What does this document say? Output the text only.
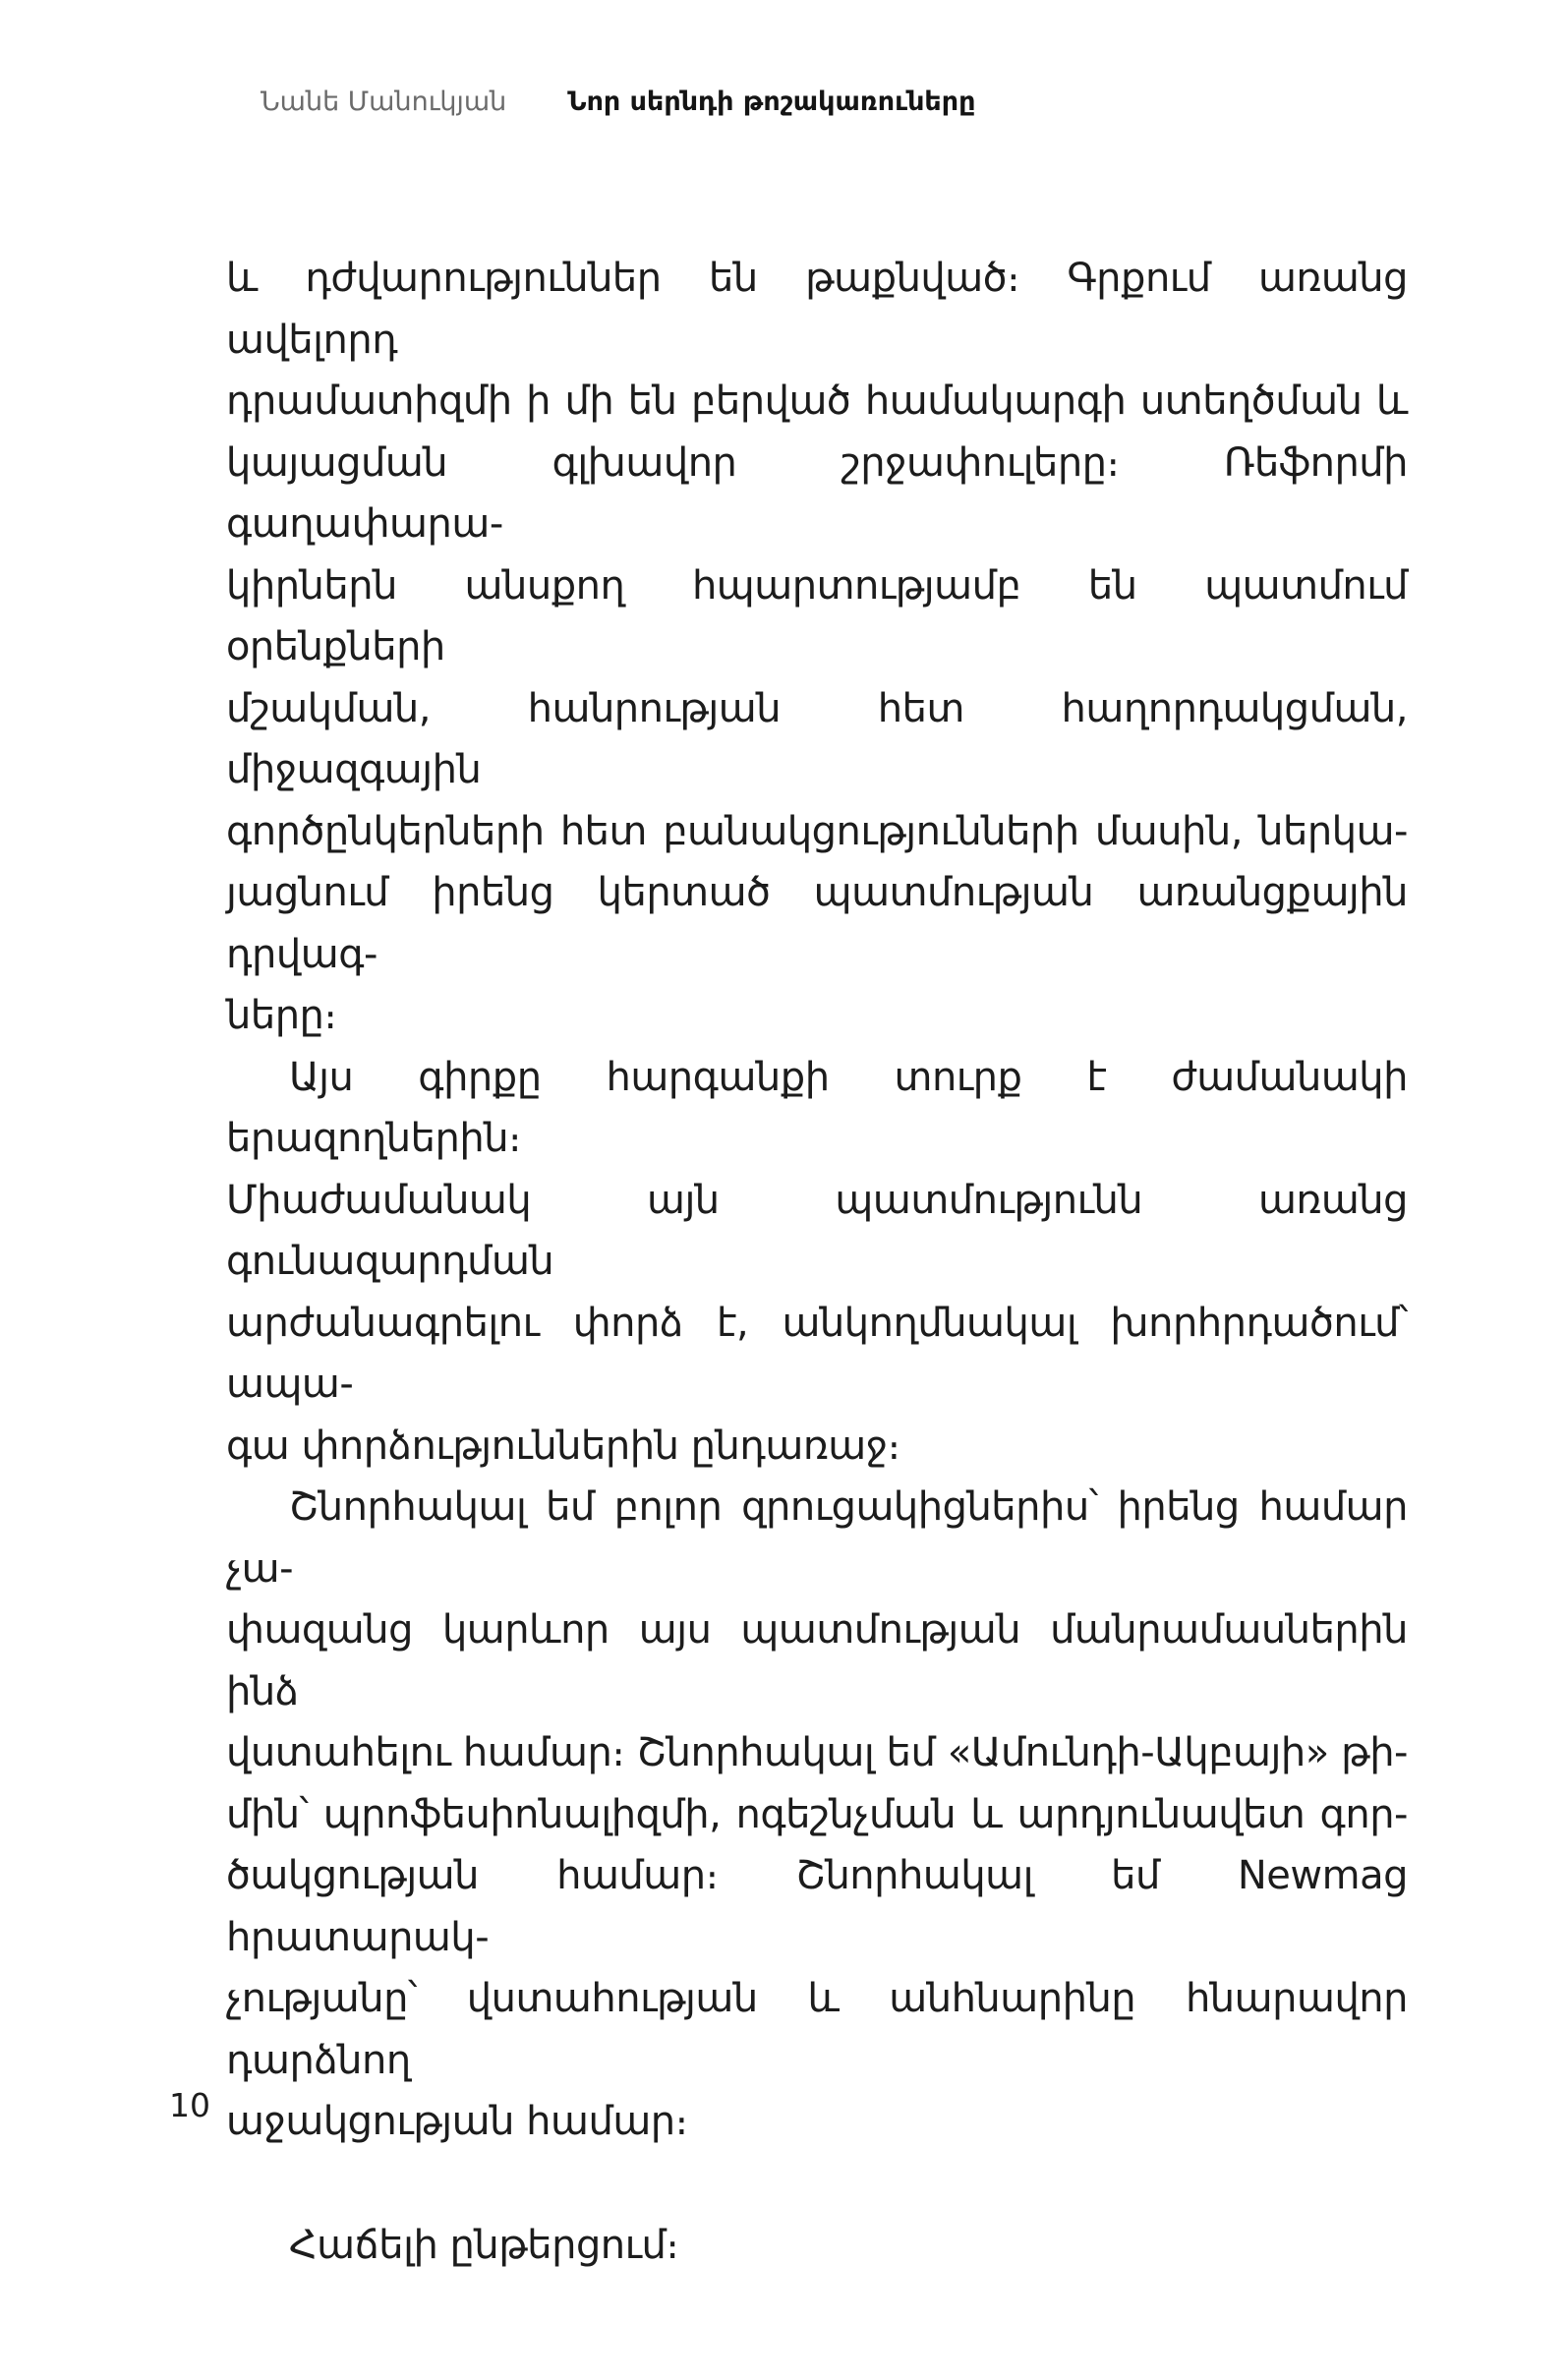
Նանե Մանուկյան Նոր սերնդի թոշակառուները
և դժվարություններ են թաքնված։ Գրքում առանց ավելորդ
դրամատիզմի ի մի են բերված համակարգի ստեղծման և
կայացման գլխավոր շրջափուլերը։ Ռեֆորմի գաղափարա-
կիրներն անսքող հպարտությամբ են պատմում օրենքների
մշակման, հանրության հետ հաղորդակցման, միջազգային
գործընկերների հետ բանակցությունների մասին, ներկա-
յացնում իրենց կերտած պատմության առանցքային դրվագ-
ները։
Այս գիրքը հարգանքի տուրք է ժամանակի երազողներին։
Միաժամանակ այն պատմությունն առանց գունազարդման
արժանագրելու փորձ է, անկողմնակալ խորհրդածում՝ ապա-
գա փորձություններին ընդառաջ։
Շնորհակալ եմ բոլոր զրուցակիցներիս՝ իրենց համար չա-
փազանց կարևոր այս պատմության մանրամասներին ինձ
վստահելու համար։ Շնորհակալ եմ «Ամունդի-Ակբայի» թի-
մին՝ պրոֆեսիոնալիզմի, ոգեշնչման և արդյունավետ գոր-
ծակցության համար։ Շնորհակալ եմ Newmag հրատարակ-
չությանը՝ վստահության և անհնարինը հնարավոր դարձնող
աջակցության համար։
Հաճելի ընթերցում։
10
